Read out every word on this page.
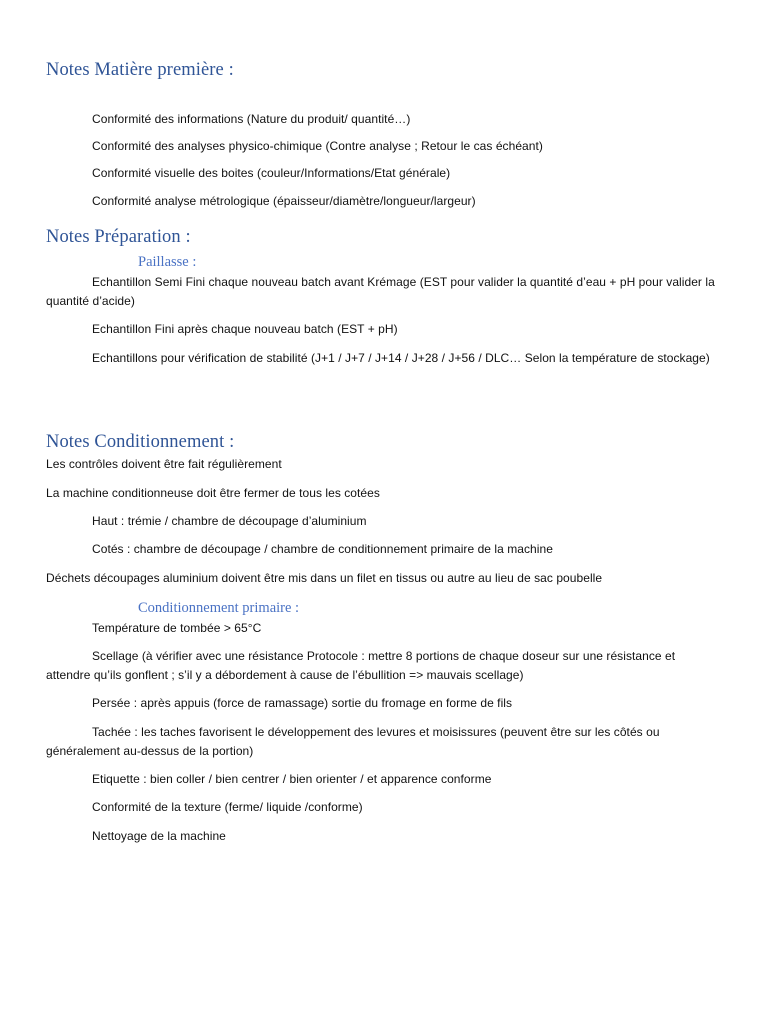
Notes Matière première :
Conformité des informations (Nature du produit/ quantité…)
Conformité des analyses physico-chimique (Contre analyse ; Retour le cas échéant)
Conformité visuelle des boites (couleur/Informations/Etat générale)
Conformité analyse métrologique (épaisseur/diamètre/longueur/largeur)
Notes Préparation :
Paillasse :
Echantillon Semi Fini chaque nouveau batch avant Krémage (EST pour valider la quantité d’eau + pH pour valider la quantité d’acide)
Echantillon Fini après chaque nouveau batch (EST + pH)
Echantillons pour vérification de stabilité (J+1 / J+7 / J+14 / J+28 / J+56 / DLC… Selon la température de stockage)
Notes Conditionnement :
Les contrôles doivent être fait régulièrement
La machine conditionneuse doit être fermer de tous les cotées
Haut : trémie / chambre de découpage d’aluminium
Cotés : chambre de découpage / chambre de conditionnement primaire de la machine
Déchets découpages aluminium doivent être mis dans un filet en tissus ou autre au lieu de sac poubelle
Conditionnement primaire :
Température de tombée > 65°C
Scellage (à vérifier avec une résistance Protocole : mettre 8 portions de chaque doseur sur une résistance et attendre qu’ils gonflent ; s’il y a débordement à cause de l’ébullition => mauvais scellage)
Persée : après appuis (force de ramassage) sortie du fromage en forme de fils
Tachée : les taches favorisent le développement des levures et moisissures (peuvent être sur les côtés ou généralement au-dessus de la portion)
Etiquette : bien coller / bien centrer / bien orienter / et apparence conforme
Conformité de la texture (ferme/ liquide /conforme)
Nettoyage de la machine
